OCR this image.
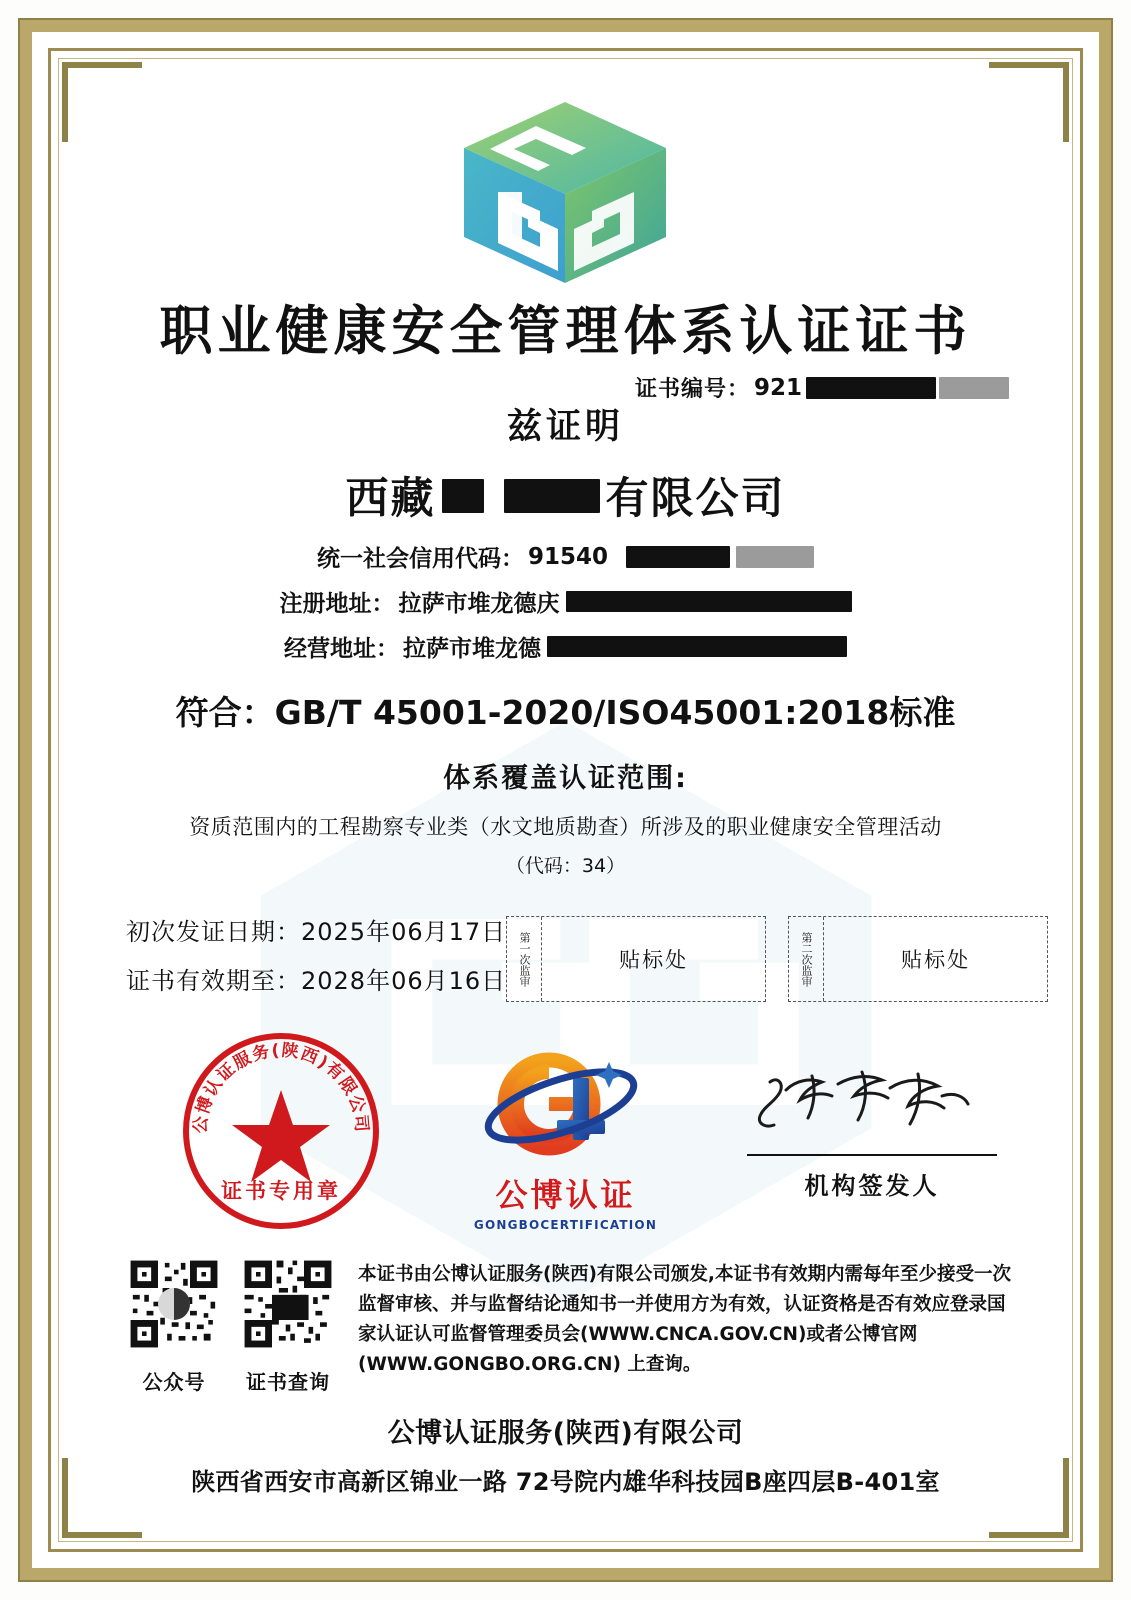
职业健康安全管理体系认证证书
证书编号： 921
兹证明
西藏	有限公司
统一社会信用代码： 91540
注册地址： 拉萨市堆龙德庆
经营地址： 拉萨市堆龙德
符合：GB/T 45001-2020/ISO45001:2018标准
体系覆盖认证范围:
资质范围内的工程勘察专业类（水文地质勘查）所涉及的职业健康安全管理活动
（代码：34）
初次发证日期：2025年06月17日
证书有效期至：2028年06月16日	第一次监审	贴标处	第二次监审	贴标处
公博认证服务(陕西)有限公司
证书专用章	公博认证
GONGBOCERTIFICATION
机构签发人
公众号	证书查询
本证书由公博认证服务(陕西)有限公司颁发,本证书有效期内需每年至少接受一次监督审核、并与监督结论通知书一并使用方为有效，认证资格是否有效应登录国家认证认可监督管理委员会(WWW.CNCA.GOV.CN)或者公博官网(WWW.GONGBO.ORG.CN) 上查询。
公博认证服务(陕西)有限公司
陕西省西安市高新区锦业一路 72号院内雄华科技园B座四层B-401室
